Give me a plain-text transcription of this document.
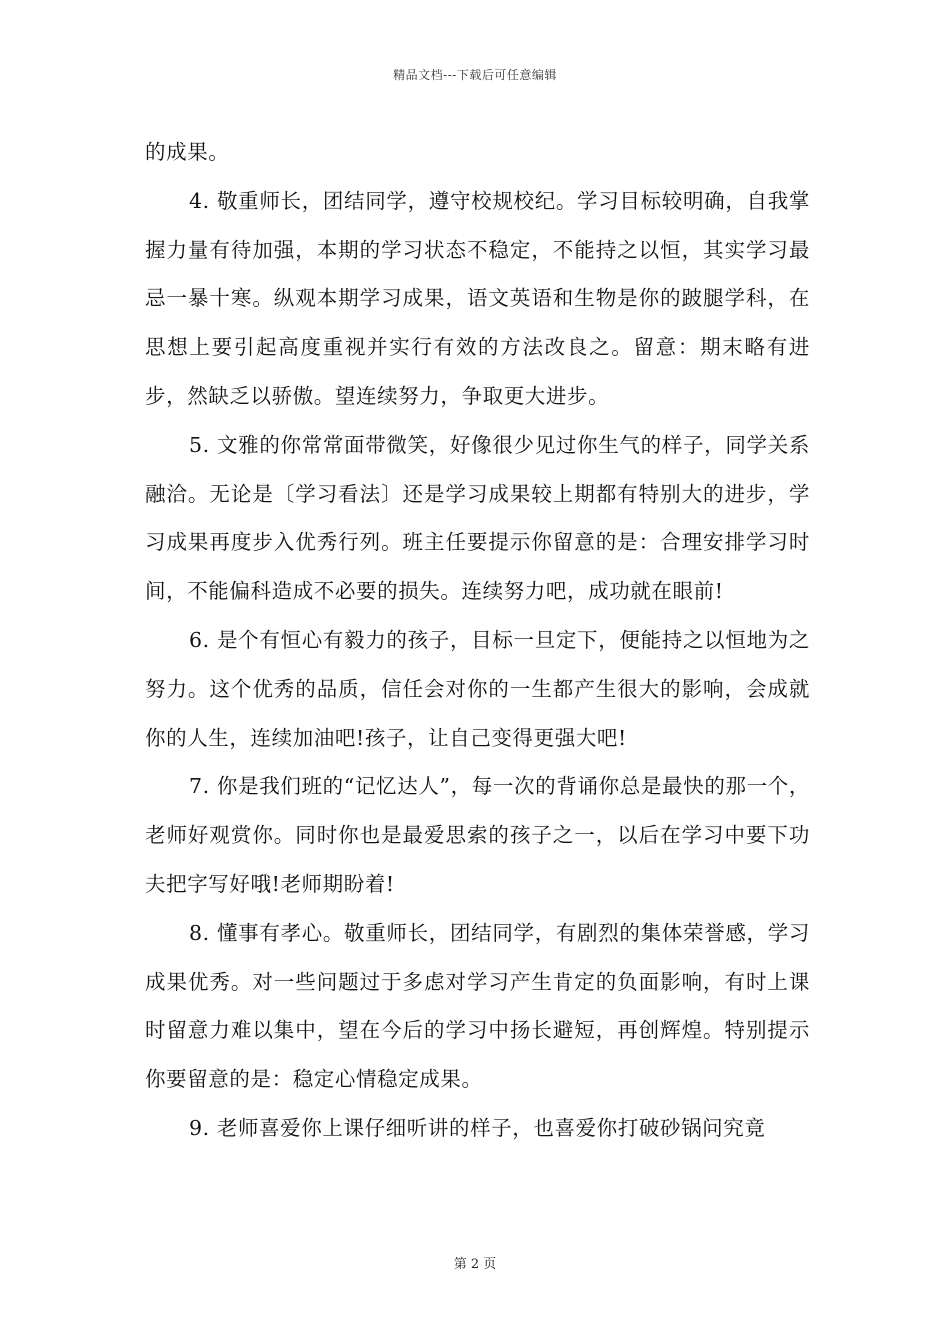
精品文档---下载后可任意编辑

的成果。

4. 敬重师长，团结同学，遵守校规校纪。学习目标较明确，自我掌握力量有待加强，本期的学习状态不稳定，不能持之以恒，其实学习最忌一暴十寒。纵观本期学习成果，语文英语和生物是你的跛腿学科，在思想上要引起高度重视并实行有效的方法改良之。留意：期末略有进步，然缺乏以骄傲。望连续努力，争取更大进步。

5. 文雅的你常常面带微笑，好像很少见过你生气的样子，同学关系融洽。无论是〔学习看法〕还是学习成果较上期都有特别大的进步，学习成果再度步入优秀行列。班主任要提示你留意的是：合理安排学习时间，不能偏科造成不必要的损失。连续努力吧，成功就在眼前!

6. 是个有恒心有毅力的孩子，目标一旦定下，便能持之以恒地为之努力。这个优秀的品质，信任会对你的一生都产生很大的影响，会成就你的人生，连续加油吧!孩子，让自己变得更强大吧!

7. 你是我们班的“记忆达人”，每一次的背诵你总是最快的那一个，老师好观赏你。同时你也是最爱思索的孩子之一，以后在学习中要下功夫把字写好哦!老师期盼着!

8. 懂事有孝心。敬重师长，团结同学，有剧烈的集体荣誉感，学习成果优秀。对一些问题过于多虑对学习产生肯定的负面影响，有时上课时留意力难以集中，望在今后的学习中扬长避短，再创辉煌。特别提示你要留意的是：稳定心情稳定成果。

9. 老师喜爱你上课仔细听讲的样子，也喜爱你打破砂锅问究竟

第 2 页
